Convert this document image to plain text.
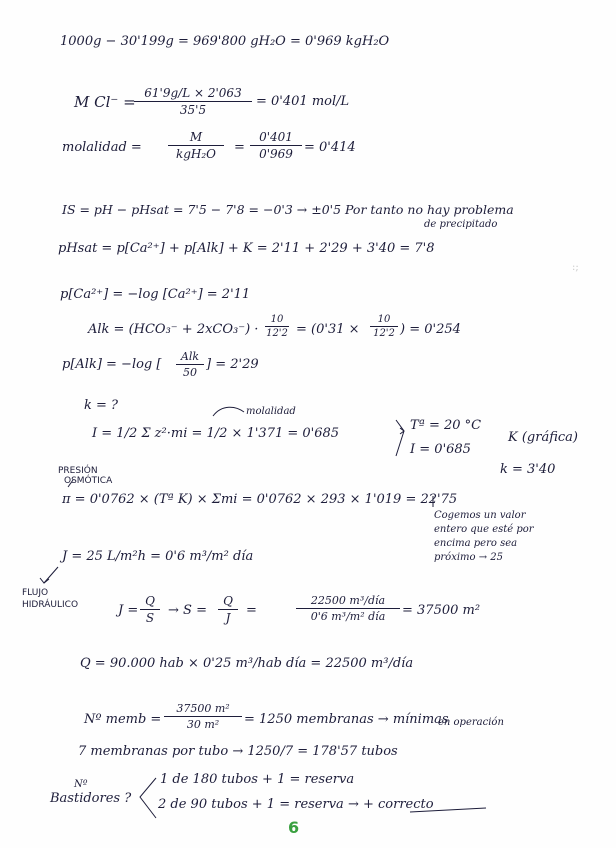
1000g − 30'199g = 969'800 gH₂O = 0'969 kgH₂O
M Cl⁻ =
$\frac{61'9g/L \times 2'063}{35'5} = 0'401$ mol/L
molalidad =
M
kgH₂O	= $\frac{0'401}{0'969} = 0'414$
IS = pH − pHsat = 7'5 − 7'8 = −0'3 → ±0'5 Por tanto no hay problema
de precipitado
pHsat = p[Ca²⁺] + p[Alk] + K = 2'11 + 2'29 + 3'40 = 7'8
:;
p[Ca²⁺] = −log [Ca²⁺] = 2'11
Alk = $(HCO_3^- + 2xCO_3^-) \cdot \frac{10}{12'2} = (0'31 \times \frac{10}{12'2}$ ) = 0'254
p[Alk] = −log [
Alk
50
] = 2'29
k = ?	molalidad
I = 1/2 Σ z²·mi = 1/2 × 1'371 = 0'685
Tª = 20 °C
I = 0'685
K (gráfica)
k = 3'40
PRESIÓN
OSMÓTICA
π = 0'0762 × (Tª K) × Σmi = 0'0762 × 293 × 1'019 = 22'75
Cogemos un valor
entero que esté por
encima pero sea
próximo → 25
J = 25 L/m²h = 0'6 m³/m² día
FLUJO
HIDRÁULICO	$J = \frac{Q}{S} \to S = \frac{Q}{J}$ =
22500 m³/día
0'6 m³/m² día	= 37500 m²
Q = 90.000 hab × 0'25 m³/hab día = 22500 m³/día
Nº memb = $\frac{\text{37500 m²}}{\text{30 m²}} = 1250$ membranas → mínimas
en operación
7 membranas por tubo → 1250/7 = 178'57 tubos
Nº
Bastidores ?
1 de 180 tubos + 1 = reserva
2 de 90 tubos + 1 = reserva → + correcto
6
